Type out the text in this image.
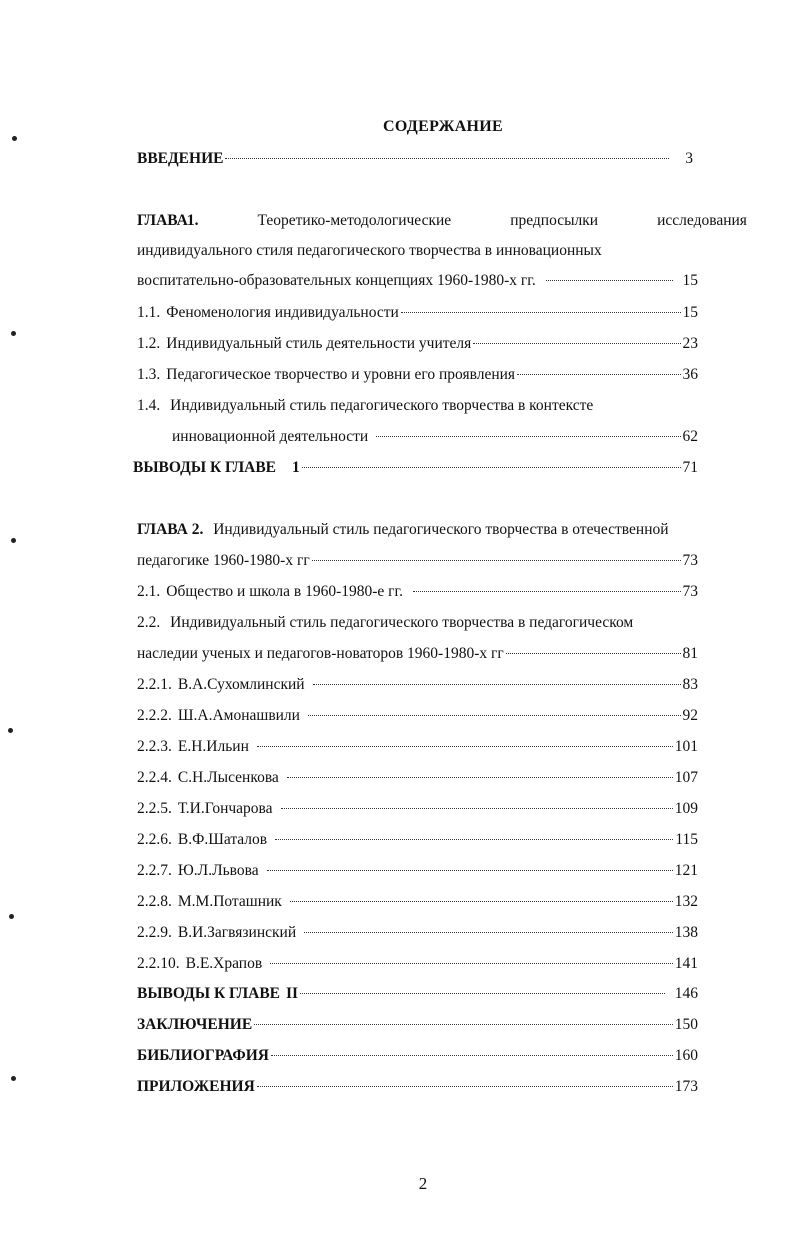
СОДЕРЖАНИЕ
ВВЕДЕНИЕ	3
ГЛАВА 1.	Теоретико-методологические	предпосылки	исследования
индивидуального стиля педагогического творчества в инновационных
воспитательно-образовательных концепциях 1960-1980-х гг.	15
1.1. Феноменология индивидуальности	15
1.2. Индивидуальный стиль деятельности учителя	23
1.3. Педагогическое творчество и уровни его проявления	36
1.4. Индивидуальный стиль педагогического творчества в контексте
инновационной деятельности	62
ВЫВОДЫ К ГЛАВЕ 1	71
ГЛАВА 2. Индивидуальный стиль педагогического творчества в отечественной
педагогике 1960-1980-х гг	73
2.1. Общество и школа в 1960-1980-е гг.	73
2.2. Индивидуальный стиль педагогического творчества в педагогическом
наследии ученых и педагогов-новаторов 1960-1980-х гг	81
2.2.1. В.А.Сухомлинский	83
2.2.2. Ш.А.Амонашвили	92
2.2.3. Е.Н.Ильин	101
2.2.4. С.Н.Лысенкова	107
2.2.5. Т.И.Гончарова	109
2.2.6. В.Ф.Шаталов	115
2.2.7. Ю.Л.Львова	121
2.2.8. М.М.Поташник	132
2.2.9. В.И.Загвязинский	138
2.2.10. В.Е.Храпов	141
ВЫВОДЫ К ГЛАВЕ II	146
ЗАКЛЮЧЕНИЕ	150
БИБЛИОГРАФИЯ	160
ПРИЛОЖЕНИЯ	173
2
